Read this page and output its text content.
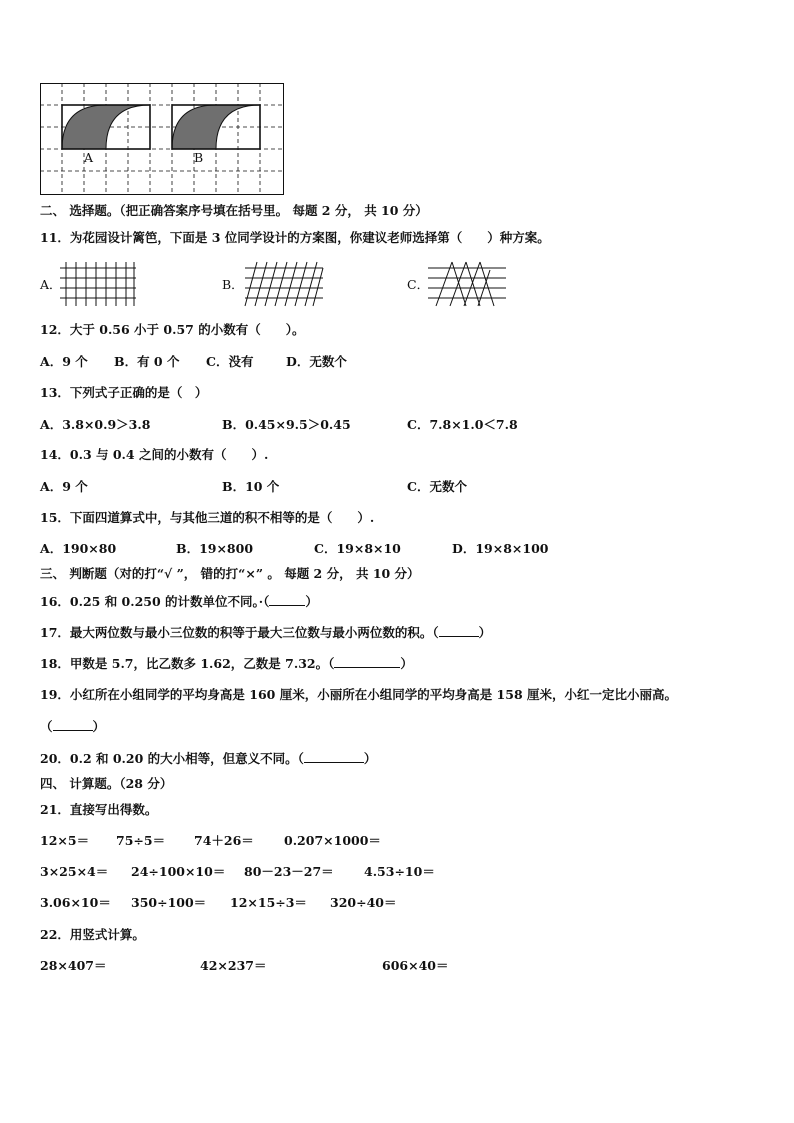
A	B
二、 选择题。（把正确答案序号填在括号里。 每题 2 分， 共 10 分）
11．为花园设计篱笆，下面是 3 位同学设计的方案图，你建议老师选择第（　　）种方案。
A．	B．	C．
12．大于 0.56 小于 0.57 的小数有（　　）。
A．9 个 B．有 0 个 C．没有	D．无数个
13．下列式子正确的是（　）
A．3.8×0.9＞3.8	B．0.45×9.5＞0.45	C．7.8×1.0＜7.8
14．0.3 与 0.4 之间的小数有（　　）.
A．9 个	B．10 个	C．无数个
15．下面四道算式中，与其他三道的积不相等的是（　　）.
A．190×80	B．19×800	C．19×8×10	D．19×8×100
三、 判断题（对的打“√ ”， 错的打“×” 。 每题 2 分， 共 10 分）
16．0.25 和 0.250 的计数单位不同。·（	）
17．最大两位数与最小三位数的积等于最大三位数与最小两位数的积。（	）
18．甲数是 5.7，比乙数多 1.62，乙数是 7.32。（	）
19．小红所在小组同学的平均身高是 160 厘米，小丽所在小组同学的平均身高是 158 厘米，小红一定比小丽高。
（	）
20．0.2 和 0.20 的大小相等，但意义不同。（	）
四、 计算题。（28 分）
21．直接写出得数。
12×5＝ 75÷5＝ 74＋26＝ 0.207×1000＝
3×25×4＝ 24÷100×10＝ 80－23－27＝ 4.53÷10＝
3.06×10＝ 350÷100＝ 12×15÷3＝ 320÷40＝
22．用竖式计算。
28×407＝	42×237＝	606×40＝
